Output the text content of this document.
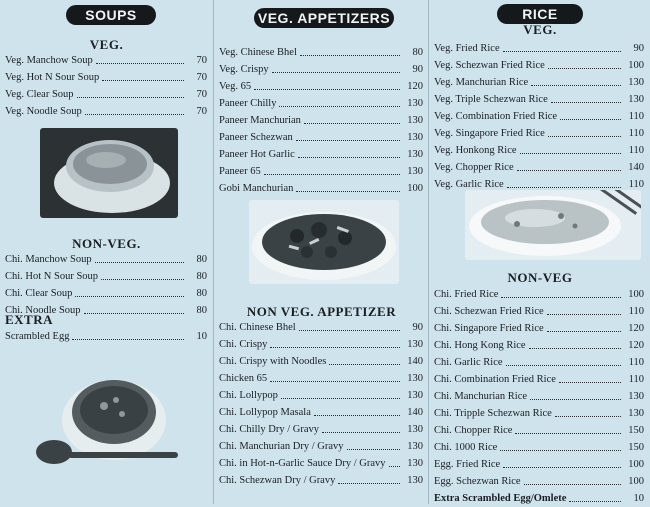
SOUPS
VEG.
Veg. Manchow Soup	70
Veg. Hot N Sour Soup	70
Veg. Clear Soup	70
Veg. Noodle Soup	70
NON-VEG.
Chi. Manchow Soup	80
Chi. Hot N Sour Soup	80
Chi. Clear Soup	80
Chi. Noodle Soup	80
EXTRA
Scrambled Egg	10
VEG. APPETIZERS
Veg. Chinese Bhel	80
Veg. Crispy	90
Veg. 65	120
Paneer Chilly	130
Paneer Manchurian	130
Paneer Schezwan	130
Paneer Hot Garlic	130
Paneer 65	130
Gobi Manchurian	100
NON VEG. APPETIZER
Chi. Chinese Bhel	90
Chi. Crispy	130
Chi. Crispy with Noodles	140
Chicken 65	130
Chi. Lollypop	130
Chi. Lollypop Masala	140
Chi. Chilly Dry / Gravy	130
Chi. Manchurian Dry / Gravy	130
Chi. in Hot-n-Garlic Sauce Dry / Gravy	130
Chi. Schezwan Dry / Gravy	130
RICE
VEG.
Veg. Fried Rice	90
Veg. Schezwan Fried Rice	100
Veg. Manchurian Rice	130
Veg. Triple Schezwan Rice	130
Veg. Combination Fried Rice	110
Veg. Singapore Fried Rice	110
Veg. Honkong Rice	110
Veg. Chopper Rice	140
Veg. Garlic Rice	110
NON-VEG
Chi. Fried Rice	100
Chi. Schezwan Fried Rice	110
Chi. Singapore Fried Rice	120
Chi. Hong Kong Rice	120
Chi. Garlic Rice	110
Chi. Combination Fried Rice	110
Chi. Manchurian Rice	130
Chi. Tripple Schezwan Rice	130
Chi. Chopper Rice	150
Chi. 1000 Rice	150
Egg. Fried Rice	100
Egg. Schezwan Rice	100
Extra Scrambled Egg/Omlete	10
